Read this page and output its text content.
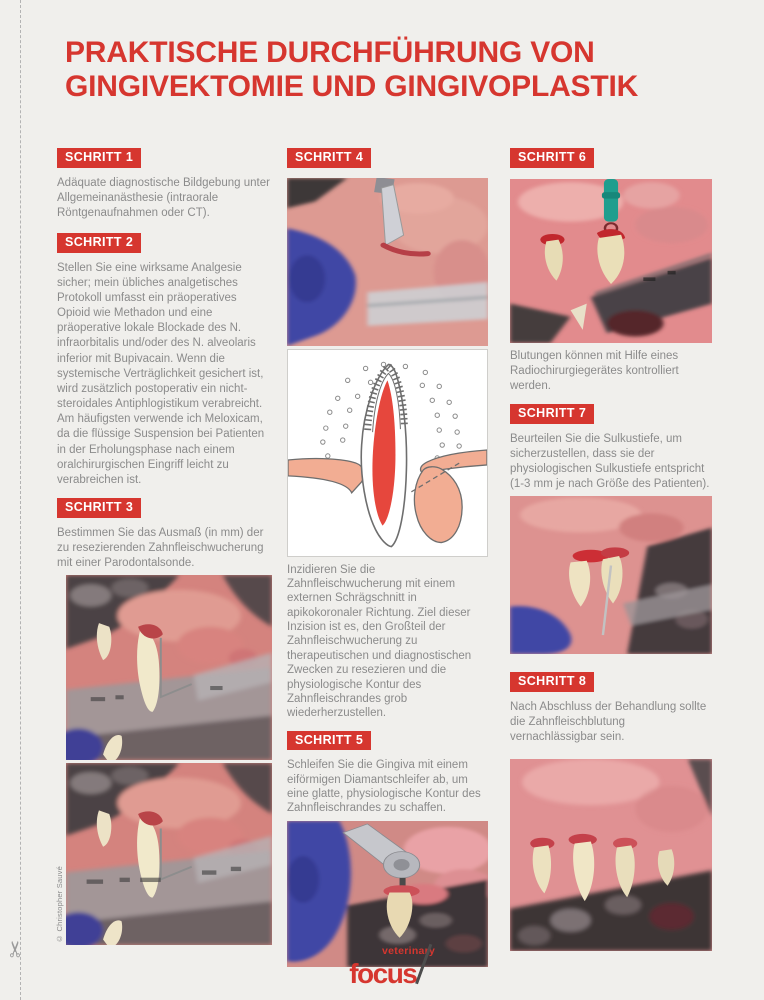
✂
PRAKTISCHE DURCHFÜHRUNG VON
GINGIVEKTOMIE UND GINGIVOPLASTIK
SCHRITT 1

Adäquate diagnostische Bildgebung unter Allgemeinanästhesie (intraorale Röntgenaufnahmen oder CT).

SCHRITT 2

Stellen Sie eine wirksame Analgesie sicher; mein übliches analgetisches Protokoll umfasst ein präoperatives Opioid wie Methadon und eine präoperative lokale Blockade des N. infraorbitalis und/oder des N. alveolaris inferior mit Bupivacain. Wenn die systemische Verträglichkeit gesichert ist, wird zusätzlich postoperativ ein nicht-steroidales Antiphlogistikum verabreicht. Am häufigsten verwende ich Meloxicam, da die flüssige Suspension bei Patienten in der Erholungsphase nach einem oralchirurgischen Eingriff leicht zu verabreichen ist.

SCHRITT 3

Bestimmen Sie das Ausmaß (in mm) der zu resezierenden Zahnfleischwucherung mit einer Parodontalsonde.

© Christopher Sauvé
SCHRITT 4

Inzidieren Sie die Zahnfleischwucherung mit einem externen Schrägschnitt in apikokoronaler Richtung. Ziel dieser Inzision ist es, den Großteil der Zahnfleischwucherung zu therapeutischen und diagnostischen Zwecken zu resezieren und die physiologische Kontur des Zahnfleischrandes grob wiederherzustellen.

SCHRITT 5

Schleifen Sie die Gingiva mit einem eiförmigen Diamantschleifer ab, um eine glatte, physiologische Kontur des Zahnfleischrandes zu schaffen.

SCHRITT 6

Blutungen können mit Hilfe eines Radiochirurgiegerätes kontrolliert werden.

SCHRITT 7

Beurteilen Sie die Sulkustiefe, um sicherzustellen, dass sie der physiologischen Sulkustiefe entspricht (1-3 mm je nach Größe des Patienten).

SCHRITT 8

Nach Abschluss der Behandlung sollte die Zahnfleischblutung vernachlässigbar sein.

veterinary
focus
